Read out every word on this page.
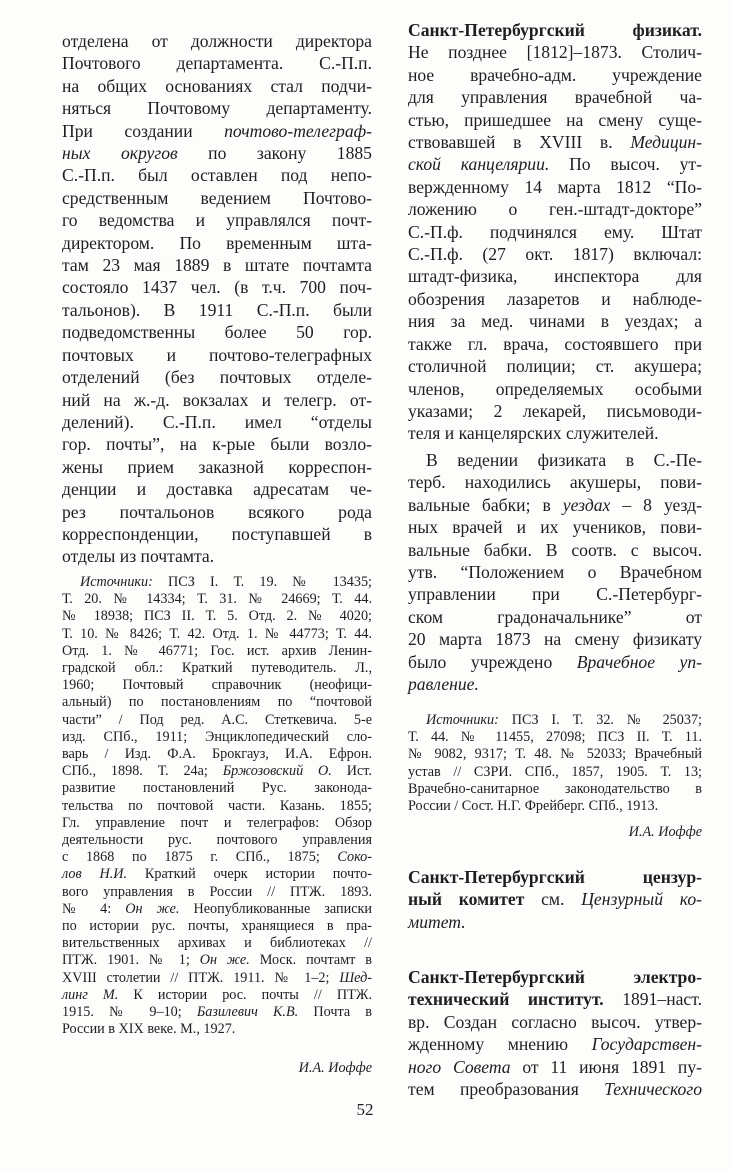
отделена от должности директора
Почтового департамента. С.-П.п.
на общих основаниях стал подчи-
няться Почтовому департаменту.
При создании почтово-телеграф-
ных округов по закону 1885
С.-П.п. был оставлен под непо-
средственным ведением Почтово-
го ведомства и управлялся почт-
директором. По временным шта-
там 23 мая 1889 в штате почтамта
состояло 1437 чел. (в т.ч. 700 поч-
тальонов). В 1911 С.-П.п. были
подведомственны более 50 гор.
почтовых и почтово-телеграфных
отделений (без почтовых отделе-
ний на ж.-д. вокзалах и телегр. от-
делений). С.-П.п. имел “отделы
гор. почты”, на к-рые были возло-
жены прием заказной корреспон-
денции и доставка адресатам че-
рез почтальонов всякого рода
корреспонденции, поступавшей в
отделы из почтамта.
Источники: ПСЗ I. Т. 19. № 13435;
Т. 20. № 14334; Т. 31. № 24669; Т. 44.
№ 18938; ПСЗ II. Т. 5. Отд. 2. № 4020;
Т. 10. № 8426; Т. 42. Отд. 1. № 44773; Т. 44.
Отд. 1. № 46771; Гос. ист. архив Ленин-
градской обл.: Краткий путеводитель. Л.,
1960; Почтовый справочник (неофици-
альный) по постановлениям по “почтовой
части” / Под ред. А.С. Стеткевича. 5-е
изд. СПб., 1911; Энциклопедический сло-
варь / Изд. Ф.А. Брокгауз, И.А. Ефрон.
СПб., 1898. Т. 24а; Бржозовский О. Ист.
развитие постановлений Рус. законода-
тельства по почтовой части. Казань. 1855;
Гл. управление почт и телеграфов: Обзор
деятельности рус. почтового управления
с 1868 по 1875 г. СПб., 1875; Соко-
лов Н.И. Краткий очерк истории почто-
вого управления в России // ПТЖ. 1893.
№ 4: Он же. Неопубликованные записки
по истории рус. почты, хранящиеся в пра-
вительственных архивах и библиотеках //
ПТЖ. 1901. № 1; Он же. Моск. почтамт в
XVIII столетии // ПТЖ. 1911. № 1–2; Шед-
линг М. К истории рос. почты // ПТЖ.
1915. № 9–10; Базилевич К.В. Почта в
России в XIX веке. М., 1927.
И.А. Иоффе
Санкт-Петербургский физикат.
Не позднее [1812]–1873. Столич-
ное врачебно-адм. учреждение
для управления врачебной ча-
стью, пришедшее на смену суще-
ствовавшей в XVIII в. Медицин-
ской канцелярии. По высоч. ут-
вержденному 14 марта 1812 “По-
ложению о ген.-штадт-докторе”
С.-П.ф. подчинялся ему. Штат
С.-П.ф. (27 окт. 1817) включал:
штадт-физика, инспектора для
обозрения лазаретов и наблюде-
ния за мед. чинами в уездах; а
также гл. врача, состоявшего при
столичной полиции; ст. акушера;
членов, определяемых особыми
указами; 2 лекарей, письмоводи-
теля и канцелярских служителей.
В ведении физиката в С.-Пе-
терб. находились акушеры, пови-
вальные бабки; в уездах – 8 уезд-
ных врачей и их учеников, пови-
вальные бабки. В соотв. с высоч.
утв. “Положением о Врачебном
управлении при С.-Петербург-
ском градоначальнике” от
20 марта 1873 на смену физикату
было учреждено Врачебное уп-
равление.
Источники: ПСЗ I. Т. 32. № 25037;
Т. 44. № 11455, 27098; ПСЗ II. Т. 11.
№ 9082, 9317; Т. 48. № 52033; Врачебный
устав // СЗРИ. СПб., 1857, 1905. Т. 13;
Врачебно-санитарное законодательство в
России / Сост. Н.Г. Фрейберг. СПб., 1913.
И.А. Иоффе
Санкт-Петербургский цензур-
ный комитет см. Цензурный ко-
митет.
Санкт-Петербургский электро-
технический институт. 1891–наст.
вр. Создан согласно высоч. утвер-
жденному мнению Государствен-
ного Совета от 11 июня 1891 пу-
тем преобразования Технического
52
